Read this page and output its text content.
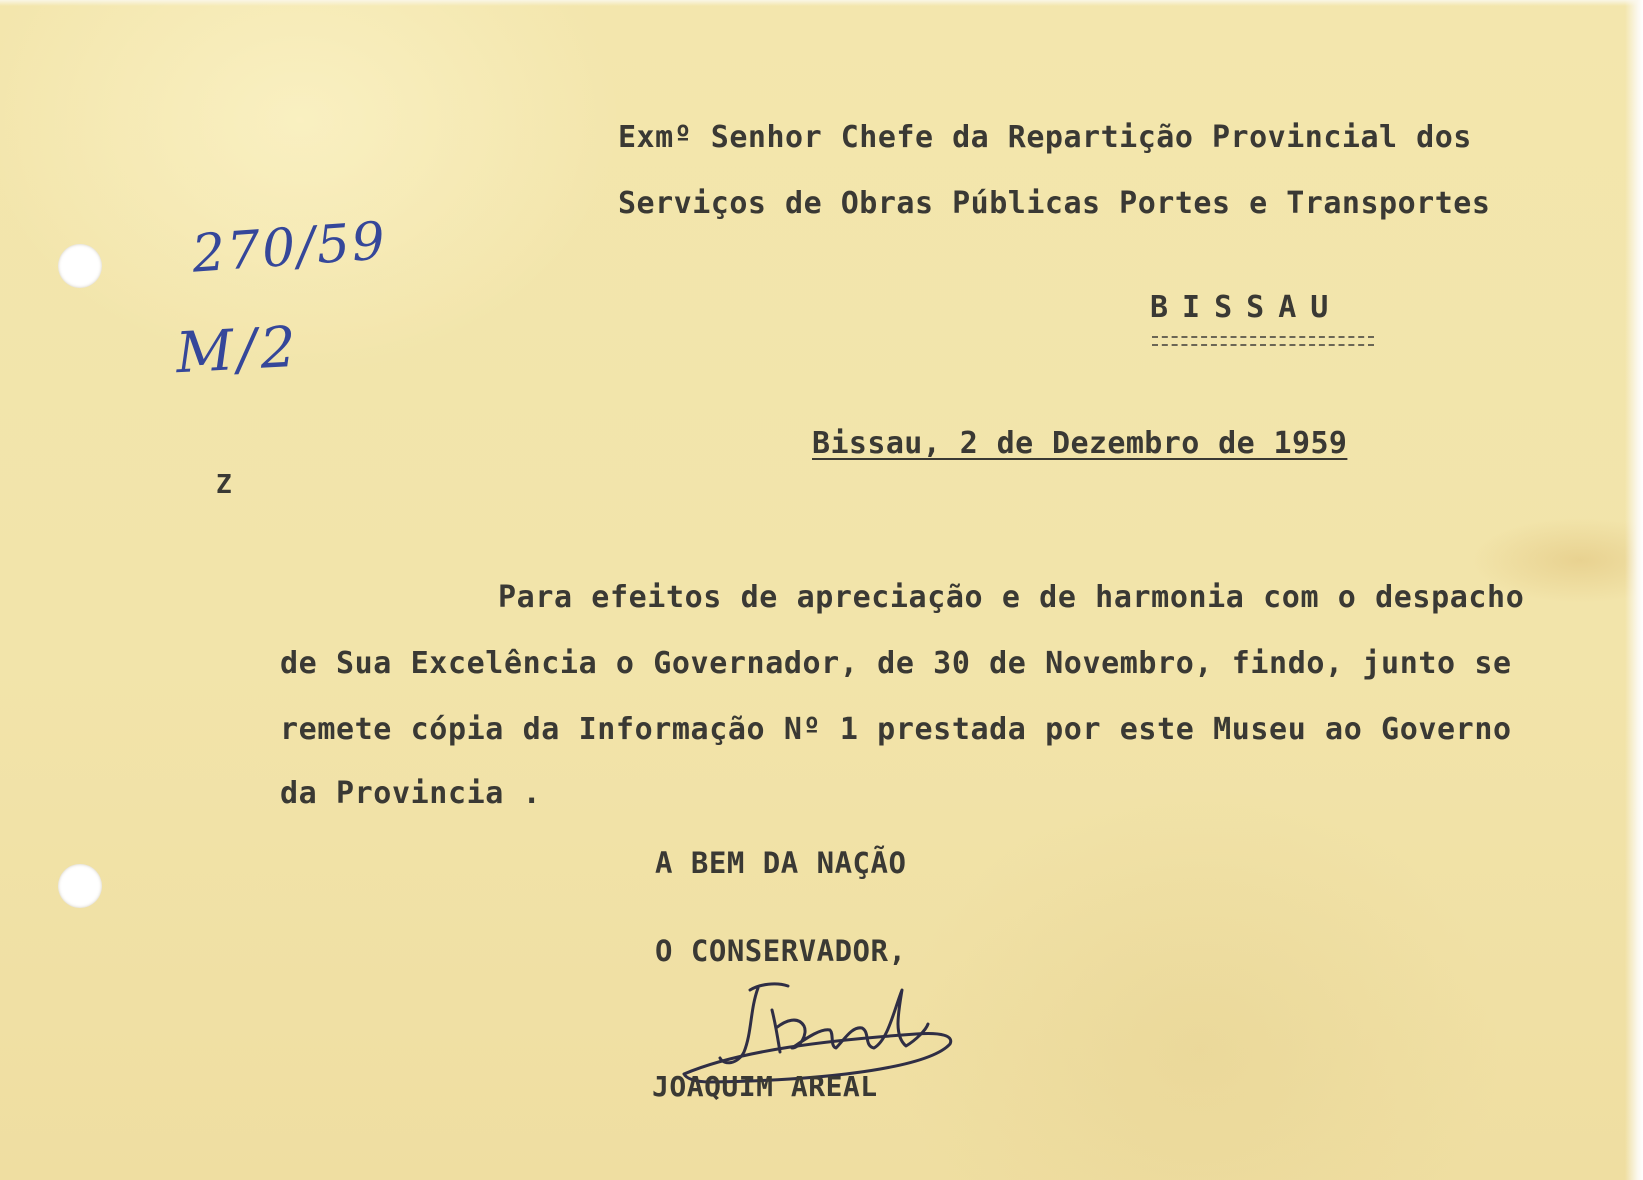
270/59
M/2
Exmº Senhor Chefe da Repartição Provincial dos
Serviços de Obras Públicas Portes e Transportes
BISSAU
Bissau, 2 de Dezembro de 1959
Z
Para efeitos de apreciação e de harmonia com o despacho
de Sua Excelência o Governador, de 30 de Novembro, findo, junto se
remete cópia da Informação Nº 1 prestada por este Museu ao Governo
da Provincia .
A BEM DA NAÇÃO
O CONSERVADOR,
JOAQUIM AREAL
